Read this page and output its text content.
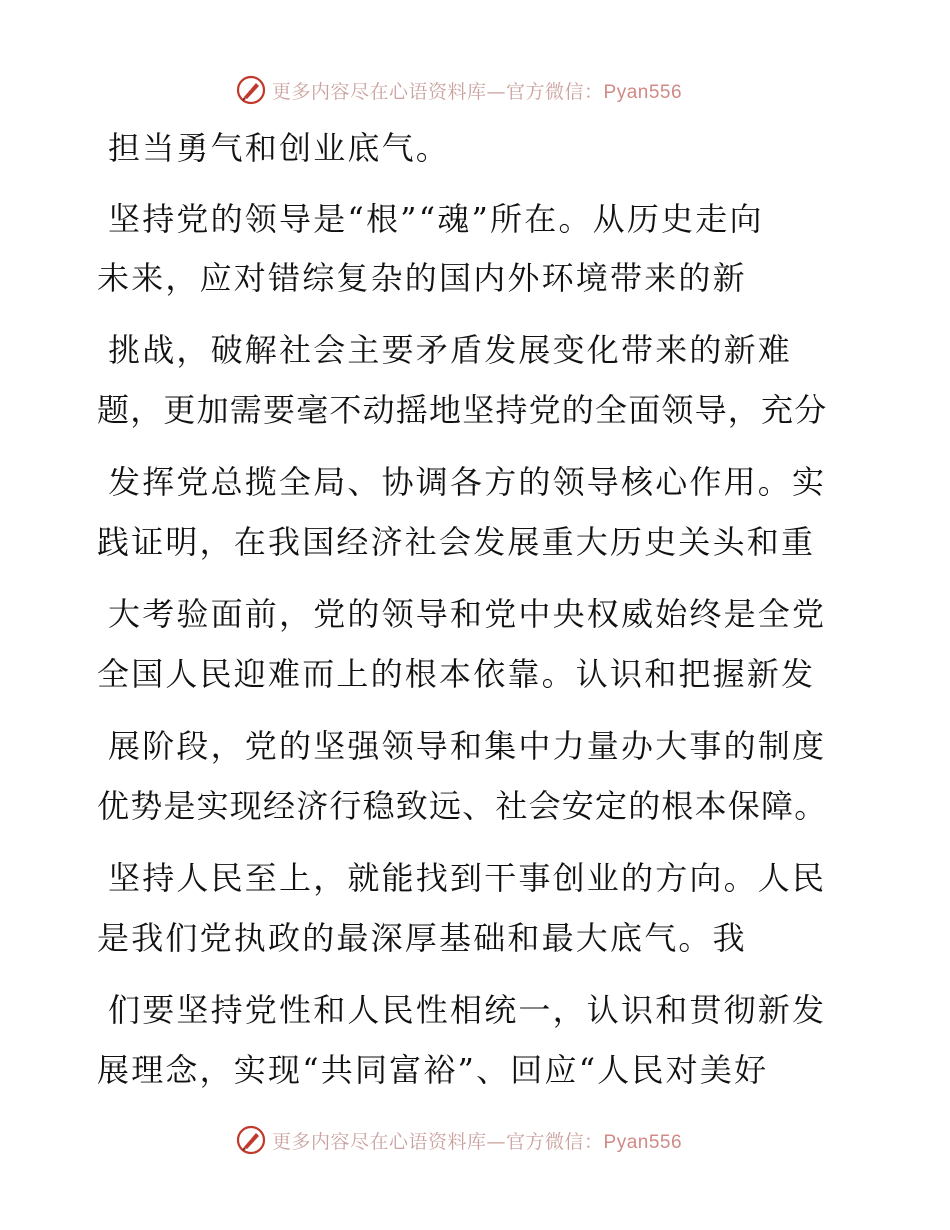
更多内容尽在心语资料库—官方微信：Pyan556
担当勇气和创业底气。
坚持党的领导是“根”“魂”所在。从历史走向
未来，应对错综复杂的国内外环境带来的新
挑战，破解社会主要矛盾发展变化带来的新难
题，更加需要毫不动摇地坚持党的全面领导，充分
发挥党总揽全局、协调各方的领导核心作用。实
践证明，在我国经济社会发展重大历史关头和重
大考验面前，党的领导和党中央权威始终是全党
全国人民迎难而上的根本依靠。认识和把握新发
展阶段，党的坚强领导和集中力量办大事的制度
优势是实现经济行稳致远、社会安定的根本保障。
坚持人民至上，就能找到干事创业的方向。人民
是我们党执政的最深厚基础和最大底气。我
们要坚持党性和人民性相统一，认识和贯彻新发
展理念，实现“共同富裕”、回应“人民对美好
更多内容尽在心语资料库—官方微信：Pyan556
